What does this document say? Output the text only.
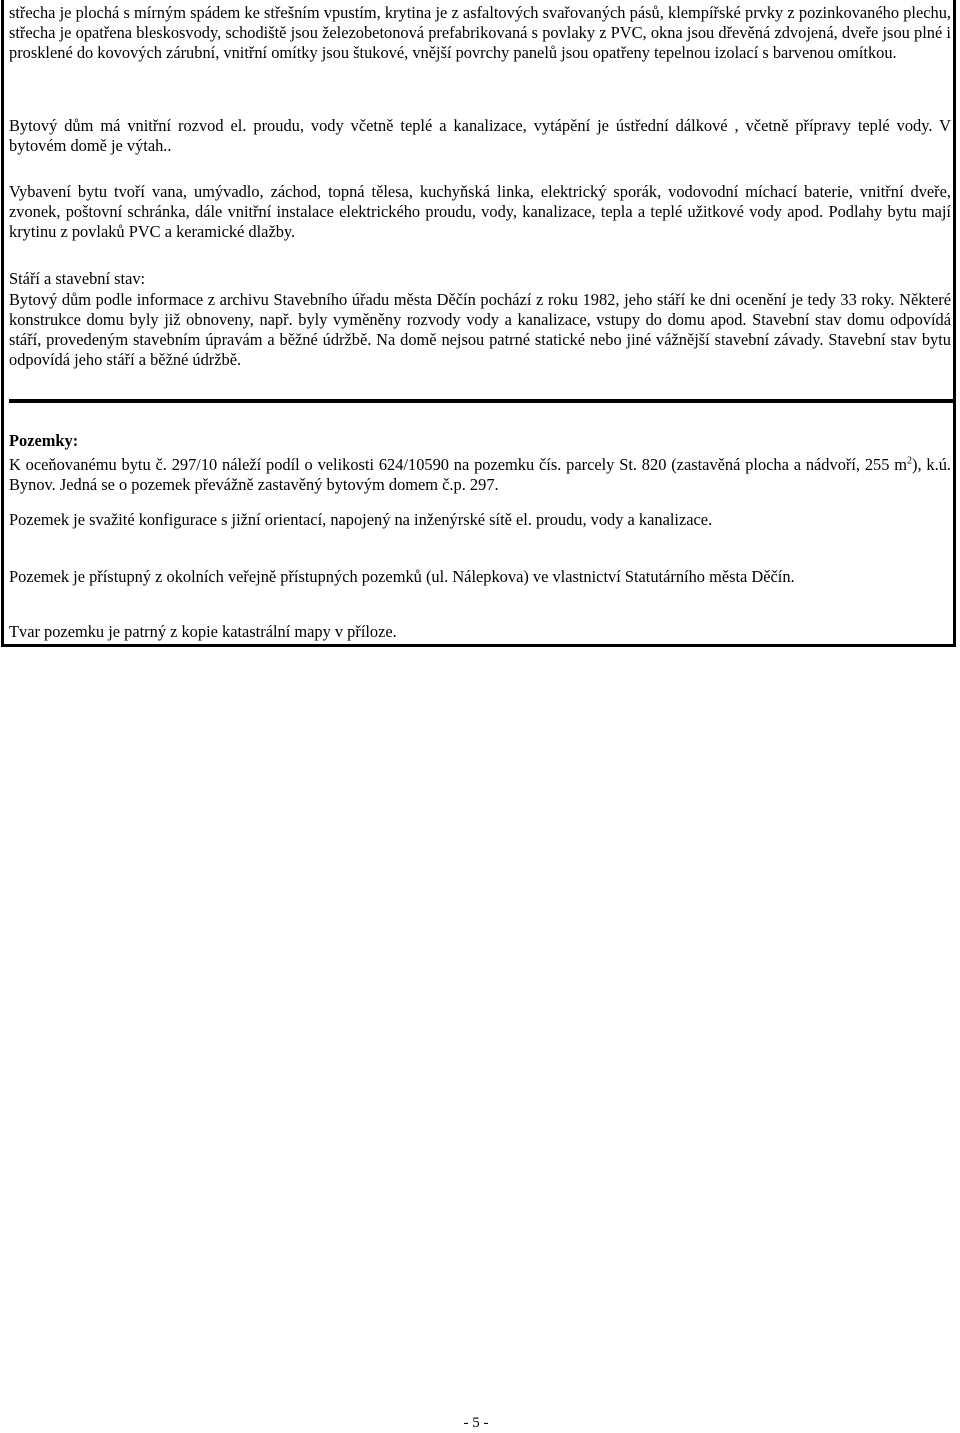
střecha je plochá s mírným spádem ke střešním vpustím, krytina je z asfaltových svařovaných pásů, klempířské prvky z pozinkovaného plechu, střecha je opatřena bleskosvody, schodiště jsou železobetonová prefabrikovaná s povlaky z PVC, okna jsou dřevěná zdvojená, dveře jsou plné i prosklené do kovových zárubní, vnitřní omítky jsou štukové, vnější povrchy panelů jsou opatřeny tepelnou izolací s barvenou omítkou.

Bytový dům má vnitřní rozvod el. proudu, vody včetně teplé a kanalizace, vytápění je ústřední dálkové , včetně přípravy teplé vody. V bytovém domě je výtah..

Vybavení bytu tvoří vana, umývadlo, záchod, topná tělesa, kuchyňská linka, elektrický sporák, vodovodní míchací baterie, vnitřní dveře, zvonek, poštovní schránka, dále vnitřní instalace elektrického proudu, vody, kanalizace, tepla a teplé užitkové vody apod. Podlahy bytu mají krytinu z povlaků PVC a keramické dlažby.

Stáří a stavební stav:

Bytový dům podle informace z archivu Stavebního úřadu města Děčín pochází z roku 1982, jeho stáří ke dni ocenění je tedy 33 roky. Některé konstrukce domu byly již obnoveny, např. byly vyměněny rozvody vody a kanalizace, vstupy do domu apod. Stavební stav domu odpovídá stáří, provedeným stavebním úpravám a běžné údržbě. Na domě nejsou patrné statické nebo jiné vážnější stavební závady. Stavební stav bytu odpovídá jeho stáří a běžné údržbě.

Pozemky:

K oceňovanému bytu č. 297/10 náleží podíl o velikosti 624/10590 na pozemku čís. parcely St. 820 (zastavěná plocha a nádvoří, 255 $m^2$), k.ú. Bynov. Jedná se o pozemek převážně zastavěný bytovým domem č.p. 297.

Pozemek je svažité konfigurace s jižní orientací, napojený na inženýrské sítě el. proudu, vody a kanalizace.

Pozemek je přístupný z okolních veřejně přístupných pozemků (ul. Nálepkova) ve vlastnictví Statutárního města Děčín.

Tvar pozemku je patrný z kopie katastrální mapy v příloze.

- 5 -
